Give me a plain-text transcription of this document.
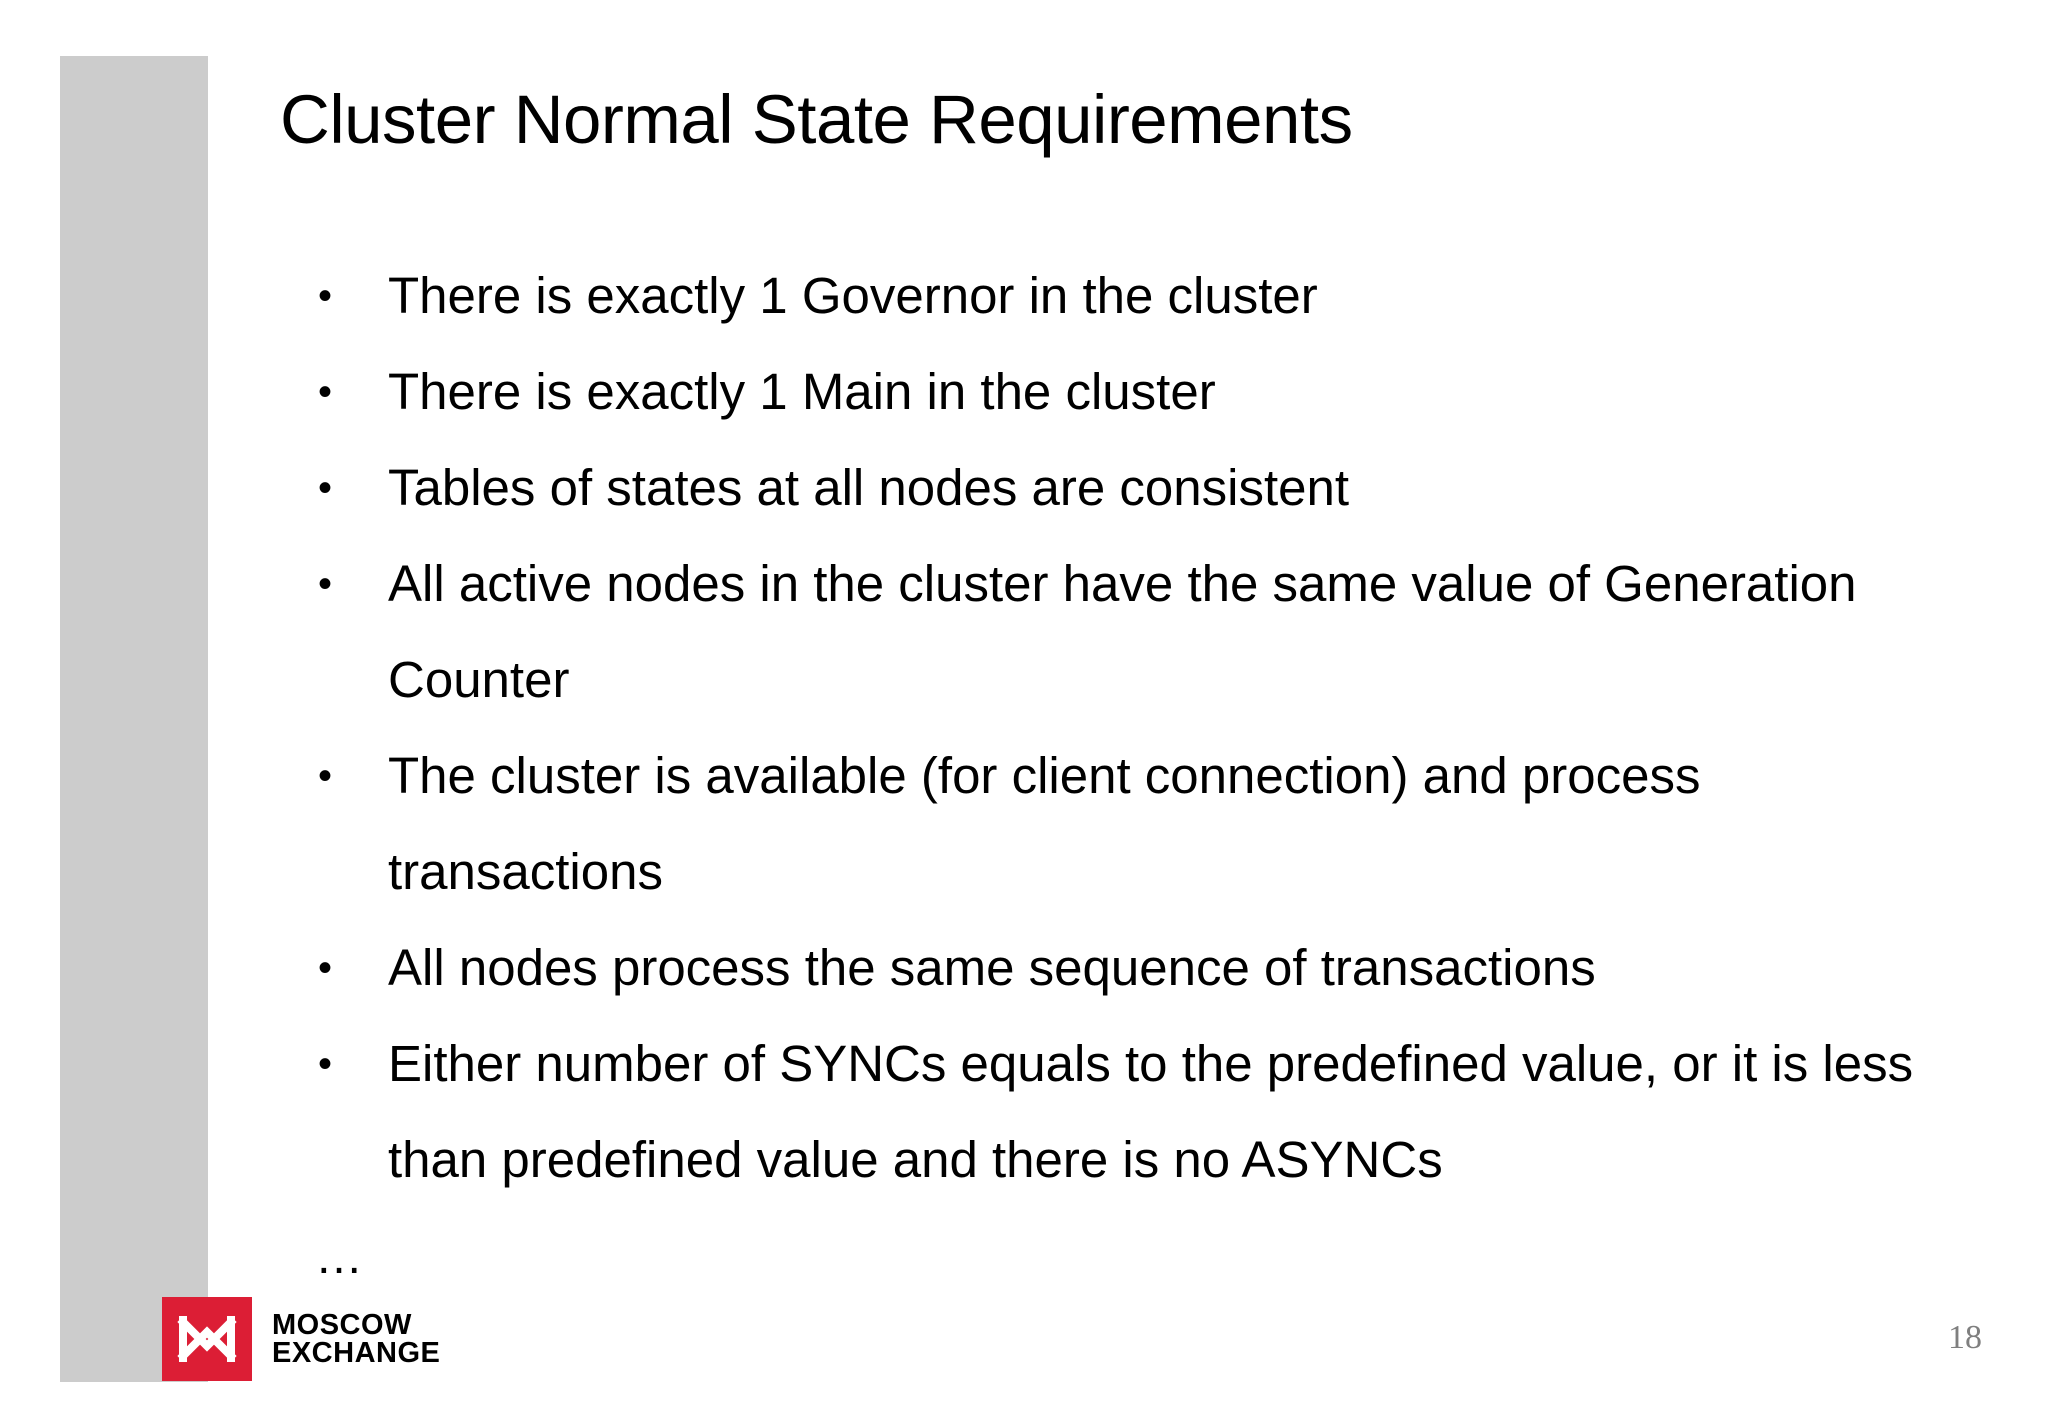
Cluster Normal State Requirements
• There is exactly 1 Governor in the cluster
• There is exactly 1 Main in the cluster
• Tables of states at all nodes are consistent
• All active nodes in the cluster have the same value of Generation Counter
• The cluster is available (for client connection) and process transactions
• All nodes process the same sequence of transactions
• Either number of SYNCs equals to the predefined value, or it is less than predefined value and there is no ASYNCs
…
MOSCOW
EXCHANGE	18
